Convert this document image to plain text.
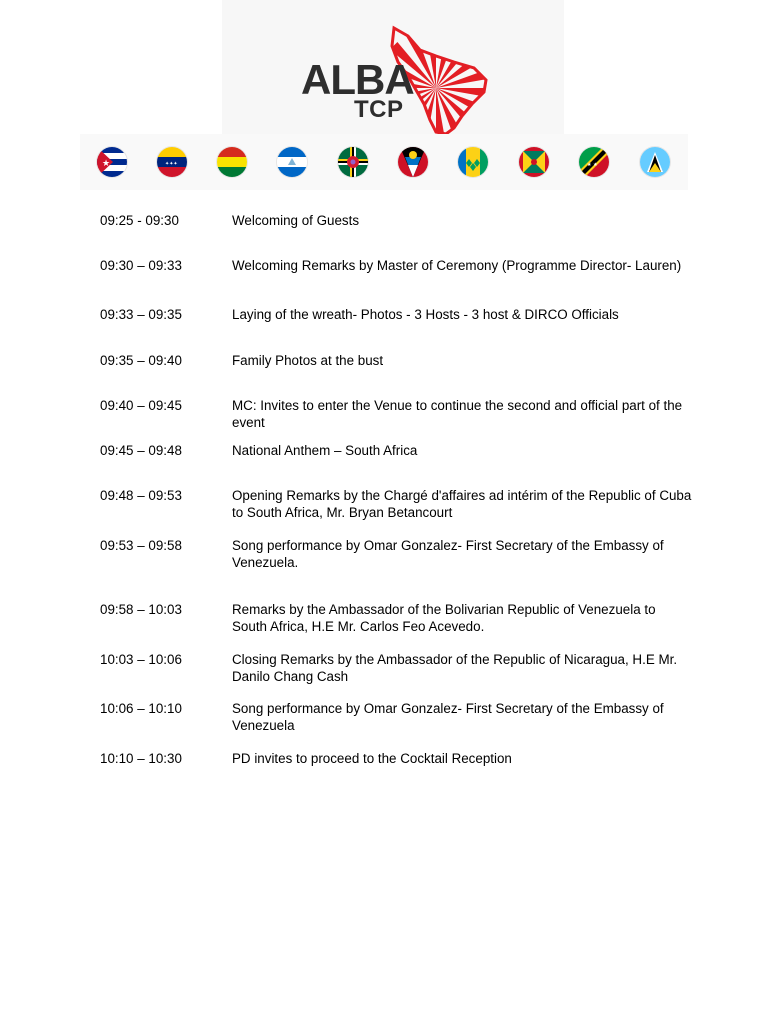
ALBA
TCP
★	✦✦✦	★ ★
09:25 - 09:30	Welcoming of Guests
09:30 – 09:33	Welcoming Remarks by Master of Ceremony (Programme Director- Lauren)
09:33 – 09:35	Laying of the wreath- Photos - 3 Hosts - 3 host & DIRCO Officials
09:35 – 09:40	Family Photos at the bust
09:40 – 09:45	MC: Invites to enter the Venue to continue the second and official part of the event
09:45 – 09:48	National Anthem – South Africa
09:48 – 09:53	Opening Remarks by the Chargé d'affaires ad intérim of the Republic of Cuba to South Africa, Mr. Bryan Betancourt
09:53 – 09:58	Song performance by Omar Gonzalez- First Secretary of the Embassy of Venezuela.
09:58 – 10:03	Remarks by the Ambassador of the Bolivarian Republic of Venezuela to South Africa, H.E Mr. Carlos Feo Acevedo.
10:03 – 10:06	Closing Remarks by the Ambassador of the Republic of Nicaragua, H.E Mr. Danilo Chang Cash
10:06 – 10:10	Song performance by Omar Gonzalez- First Secretary of the Embassy of Venezuela
10:10 – 10:30	PD invites to proceed to the Cocktail Reception
